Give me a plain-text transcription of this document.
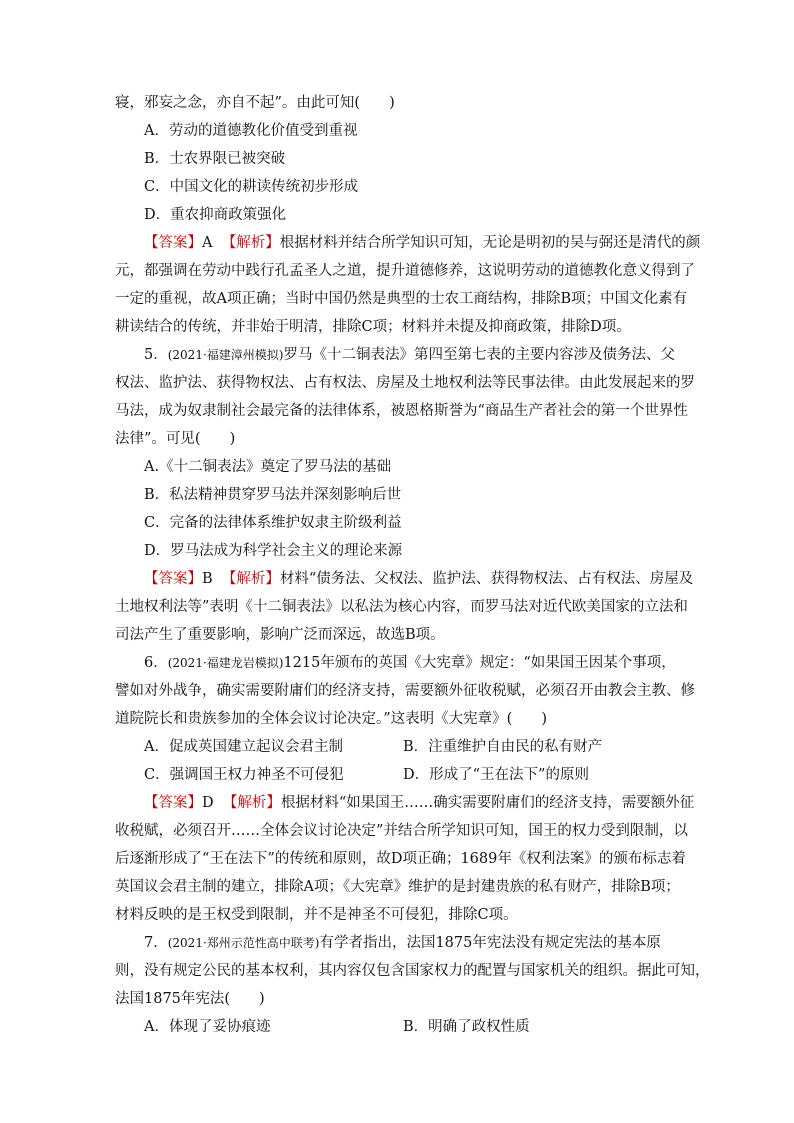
寝，邪妄之念，亦自不起”。由此可知(　　)
A．劳动的道德教化价值受到重视
B．士农界限已被突破
C．中国文化的耕读传统初步形成
D．重农抑商政策强化
【答案】A 【解析】根据材料并结合所学知识可知，无论是明初的吴与弼还是清代的颜
元，都强调在劳动中践行孔孟圣人之道，提升道德修养，这说明劳动的道德教化意义得到了
一定的重视，故A项正确；当时中国仍然是典型的士农工商结构，排除B项；中国文化素有
耕读结合的传统，并非始于明清，排除C项；材料并未提及抑商政策，排除D项。
5．(2021·福建漳州模拟)罗马《十二铜表法》第四至第七表的主要内容涉及债务法、父
权法、监护法、获得物权法、占有权法、房屋及土地权利法等民事法律。由此发展起来的罗
马法，成为奴隶制社会最完备的法律体系，被恩格斯誉为“商品生产者社会的第一个世界性
法律”。可见(　　)
A.《十二铜表法》奠定了罗马法的基础
B．私法精神贯穿罗马法并深刻影响后世
C．完备的法律体系维护奴隶主阶级利益
D．罗马法成为科学社会主义的理论来源
【答案】B 【解析】材料“债务法、父权法、监护法、获得物权法、占有权法、房屋及
土地权利法等”表明《十二铜表法》以私法为核心内容，而罗马法对近代欧美国家的立法和
司法产生了重要影响，影响广泛而深远，故选B项。
6．(2021·福建龙岩模拟)1215年颁布的英国《大宪章》规定：“如果国王因某个事项，
譬如对外战争，确实需要附庸们的经济支持，需要额外征收税赋，必须召开由教会主教、修
道院院长和贵族参加的全体会议讨论决定。”这表明《大宪章》(　　)
A．促成英国建立起议会君主制	B．注重维护自由民的私有财产
C．强调国王权力神圣不可侵犯	D．形成了“王在法下”的原则
【答案】D 【解析】根据材料“如果国王……确实需要附庸们的经济支持，需要额外征
收税赋，必须召开……全体会议讨论决定”并结合所学知识可知，国王的权力受到限制，以
后逐渐形成了“王在法下”的传统和原则，故D项正确；1689年《权利法案》的颁布标志着
英国议会君主制的建立，排除A项；《大宪章》维护的是封建贵族的私有财产，排除B项；
材料反映的是王权受到限制，并不是神圣不可侵犯，排除C项。
7．(2021·郑州示范性高中联考)有学者指出，法国1875年宪法没有规定宪法的基本原
则，没有规定公民的基本权利，其内容仅包含国家权力的配置与国家机关的组织。据此可知，
法国1875年宪法(　　)
A．体现了妥协痕迹	B．明确了政权性质
